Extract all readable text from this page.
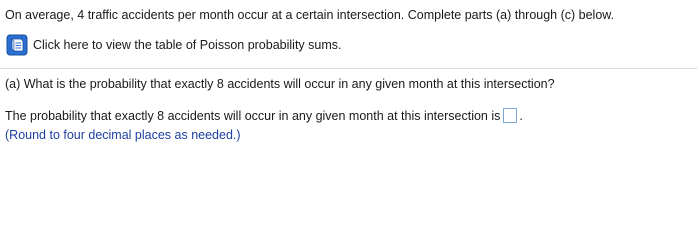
On average, 4 traffic accidents per month occur at a certain intersection. Complete parts (a) through (c) below.
Click here to view the table of Poisson probability sums.
(a) What is the probability that exactly 8 accidents will occur in any given month at this intersection?
The probability that exactly 8 accidents will occur in any given month at this intersection is .
(Round to four decimal places as needed.)
